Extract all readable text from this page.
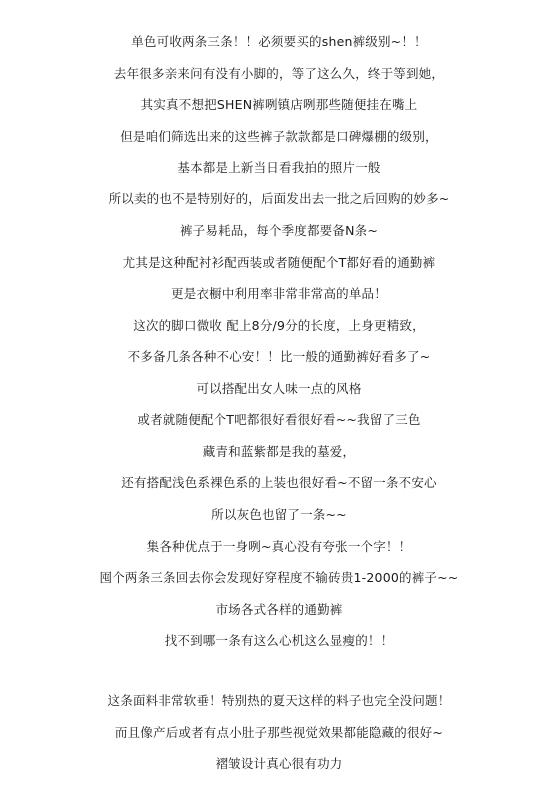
单色可收两条三条！！必须要买的shen裤级别~！！
去年很多亲来问有没有小脚的，等了这么久，终于等到她，
其实真不想把SHEN裤咧镇店咧那些随便挂在嘴上
但是咱们筛选出来的这些裤子款款都是口碑爆棚的级别，
基本都是上新当日看我拍的照片一般
所以卖的也不是特别好的，后面发出去一批之后回购的妙多~
裤子易耗品，每个季度都要备N条~
尤其是这种配衬衫配西装或者随便配个T都好看的通勤裤
更是衣橱中利用率非常非常高的单品！
这次的脚口微收 配上8分/9分的长度，上身更精致，
不多备几条各种不心安！！比一般的通勤裤好看多了~
可以搭配出女人味一点的风格
或者就随便配个T吧都很好看很好看~~我留了三色
藏青和蓝紫都是我的墓爱，
还有搭配浅色系裸色系的上装也很好看~不留一条不安心
所以灰色也留了一条~~
集各种优点于一身咧~真心没有夸张一个字！！
囤个两条三条回去你会发现好穿程度不输砖贵1-2000的裤子~~
市场各式各样的通勤裤
找不到哪一条有这么心机这么显瘦的！！
这条面料非常软垂！特别热的夏天这样的料子也完全没问题！
而且像产后或者有点小肚子那些视觉效果都能隐藏的很好~
褶皱设计真心很有功力
